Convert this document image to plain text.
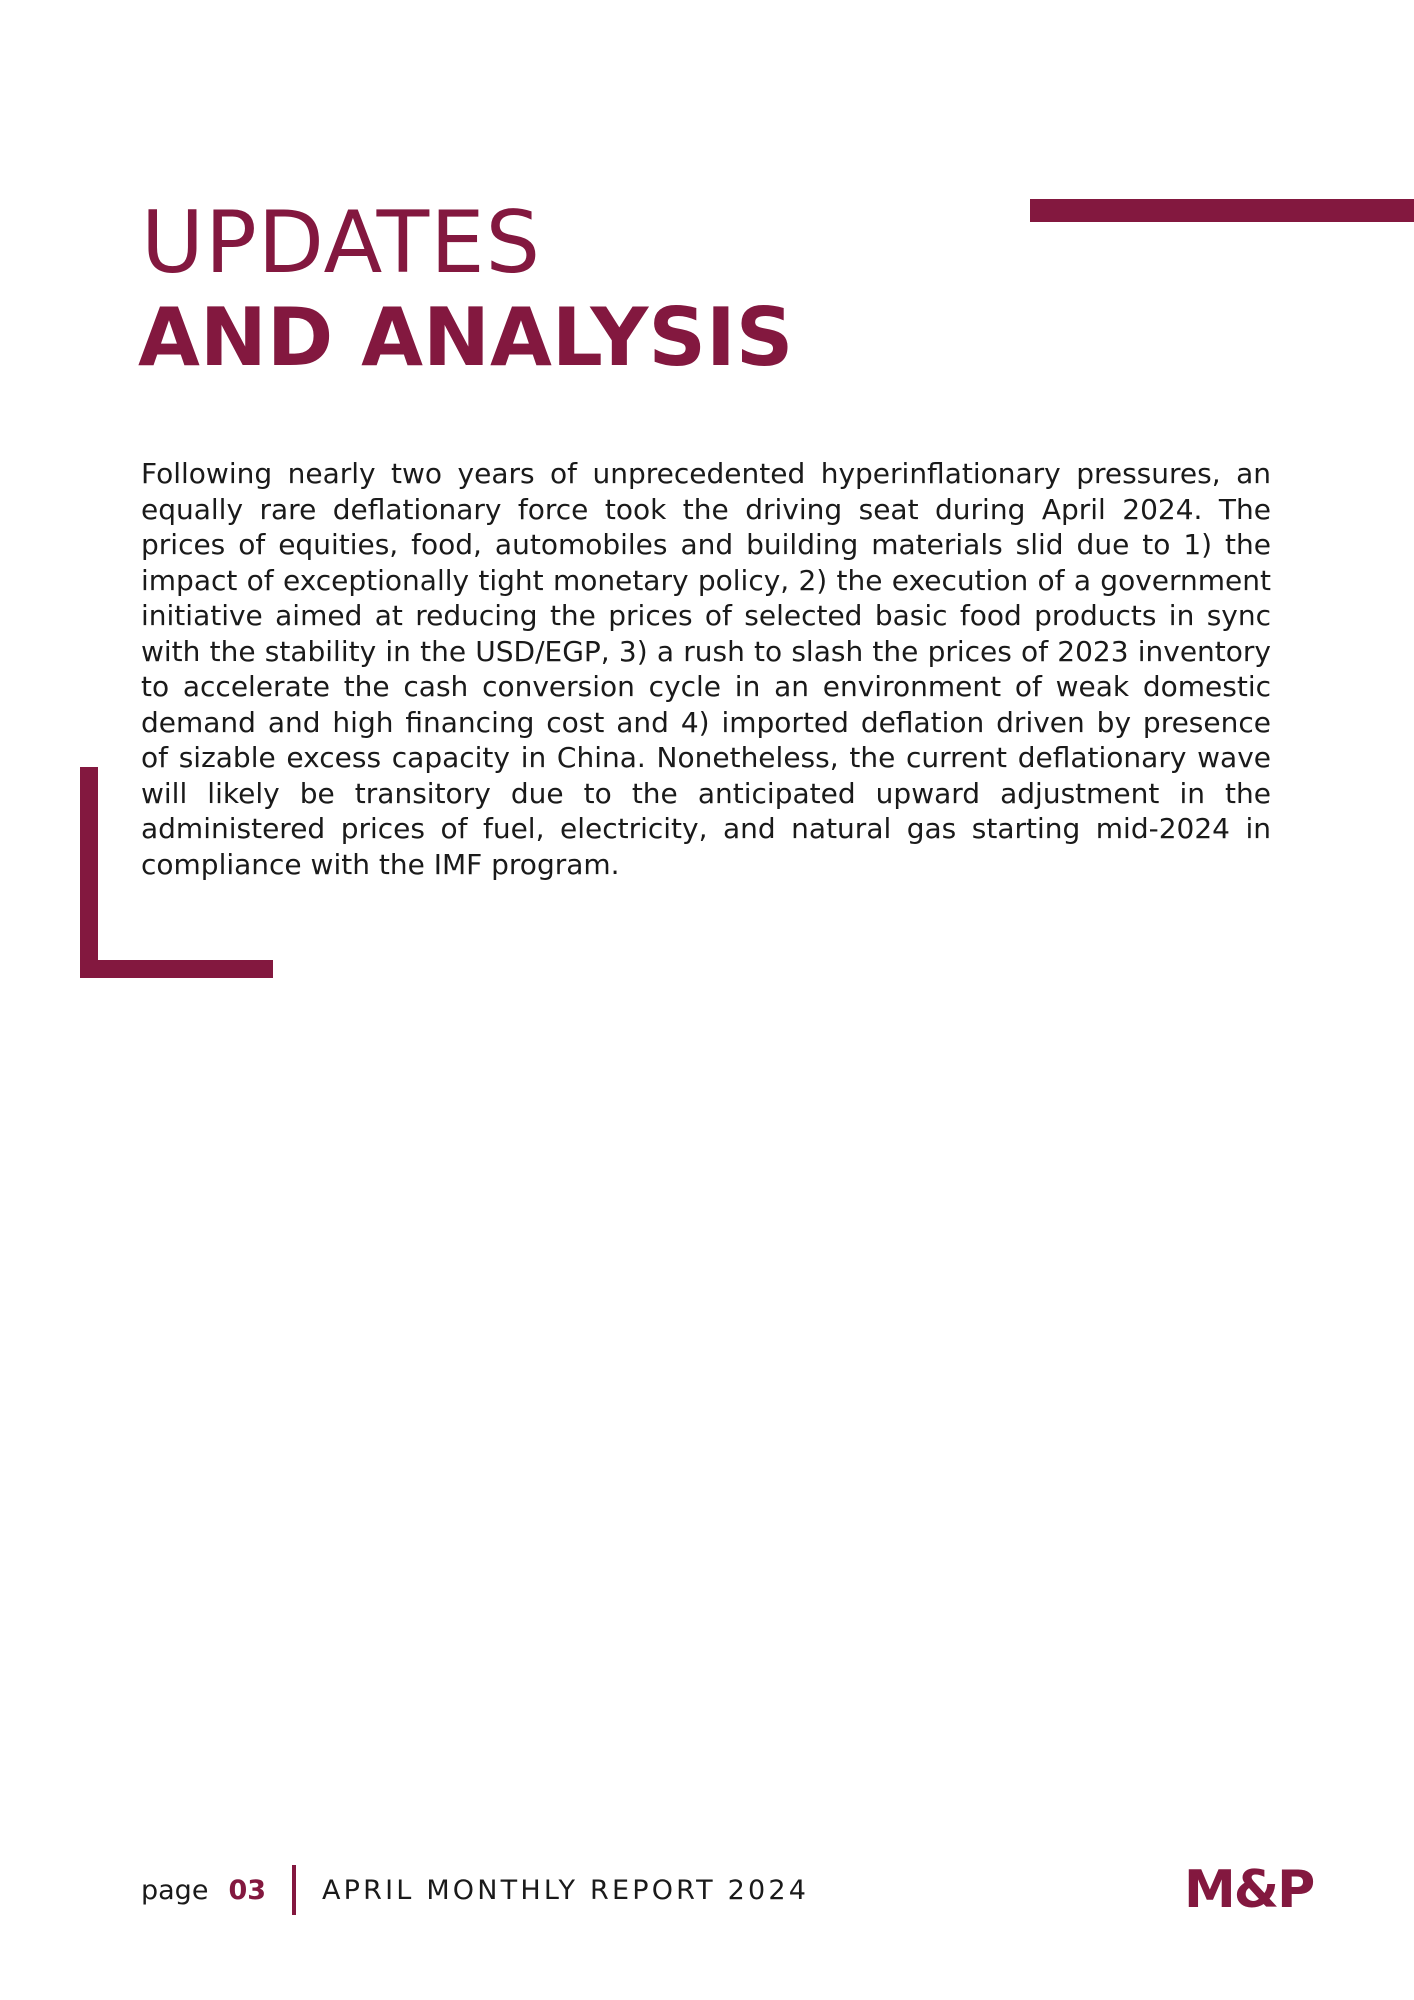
UPDATES
AND ANALYSIS

Following nearly two years of unprecedented hyperinflationary pressures, an equally rare deflationary force took the driving seat during April 2024. The prices of equities, food, automobiles and building materials slid due to 1) the impact of exceptionally tight monetary policy, 2) the execution of a government initiative aimed at reducing the prices of selected basic food products in sync with the stability in the USD/EGP, 3) a rush to slash the prices of 2023 inventory to accelerate the cash conversion cycle in an environment of weak domestic demand and high financing cost and 4) imported deflation driven by presence of sizable excess capacity in China. Nonetheless, the current deflationary wave will likely be transitory due to the anticipated upward adjustment in the administered prices of fuel, electricity, and natural gas starting mid-2024 in compliance with the IMF program.

page 03 APRIL MONTHLY REPORT 2024	M&P
